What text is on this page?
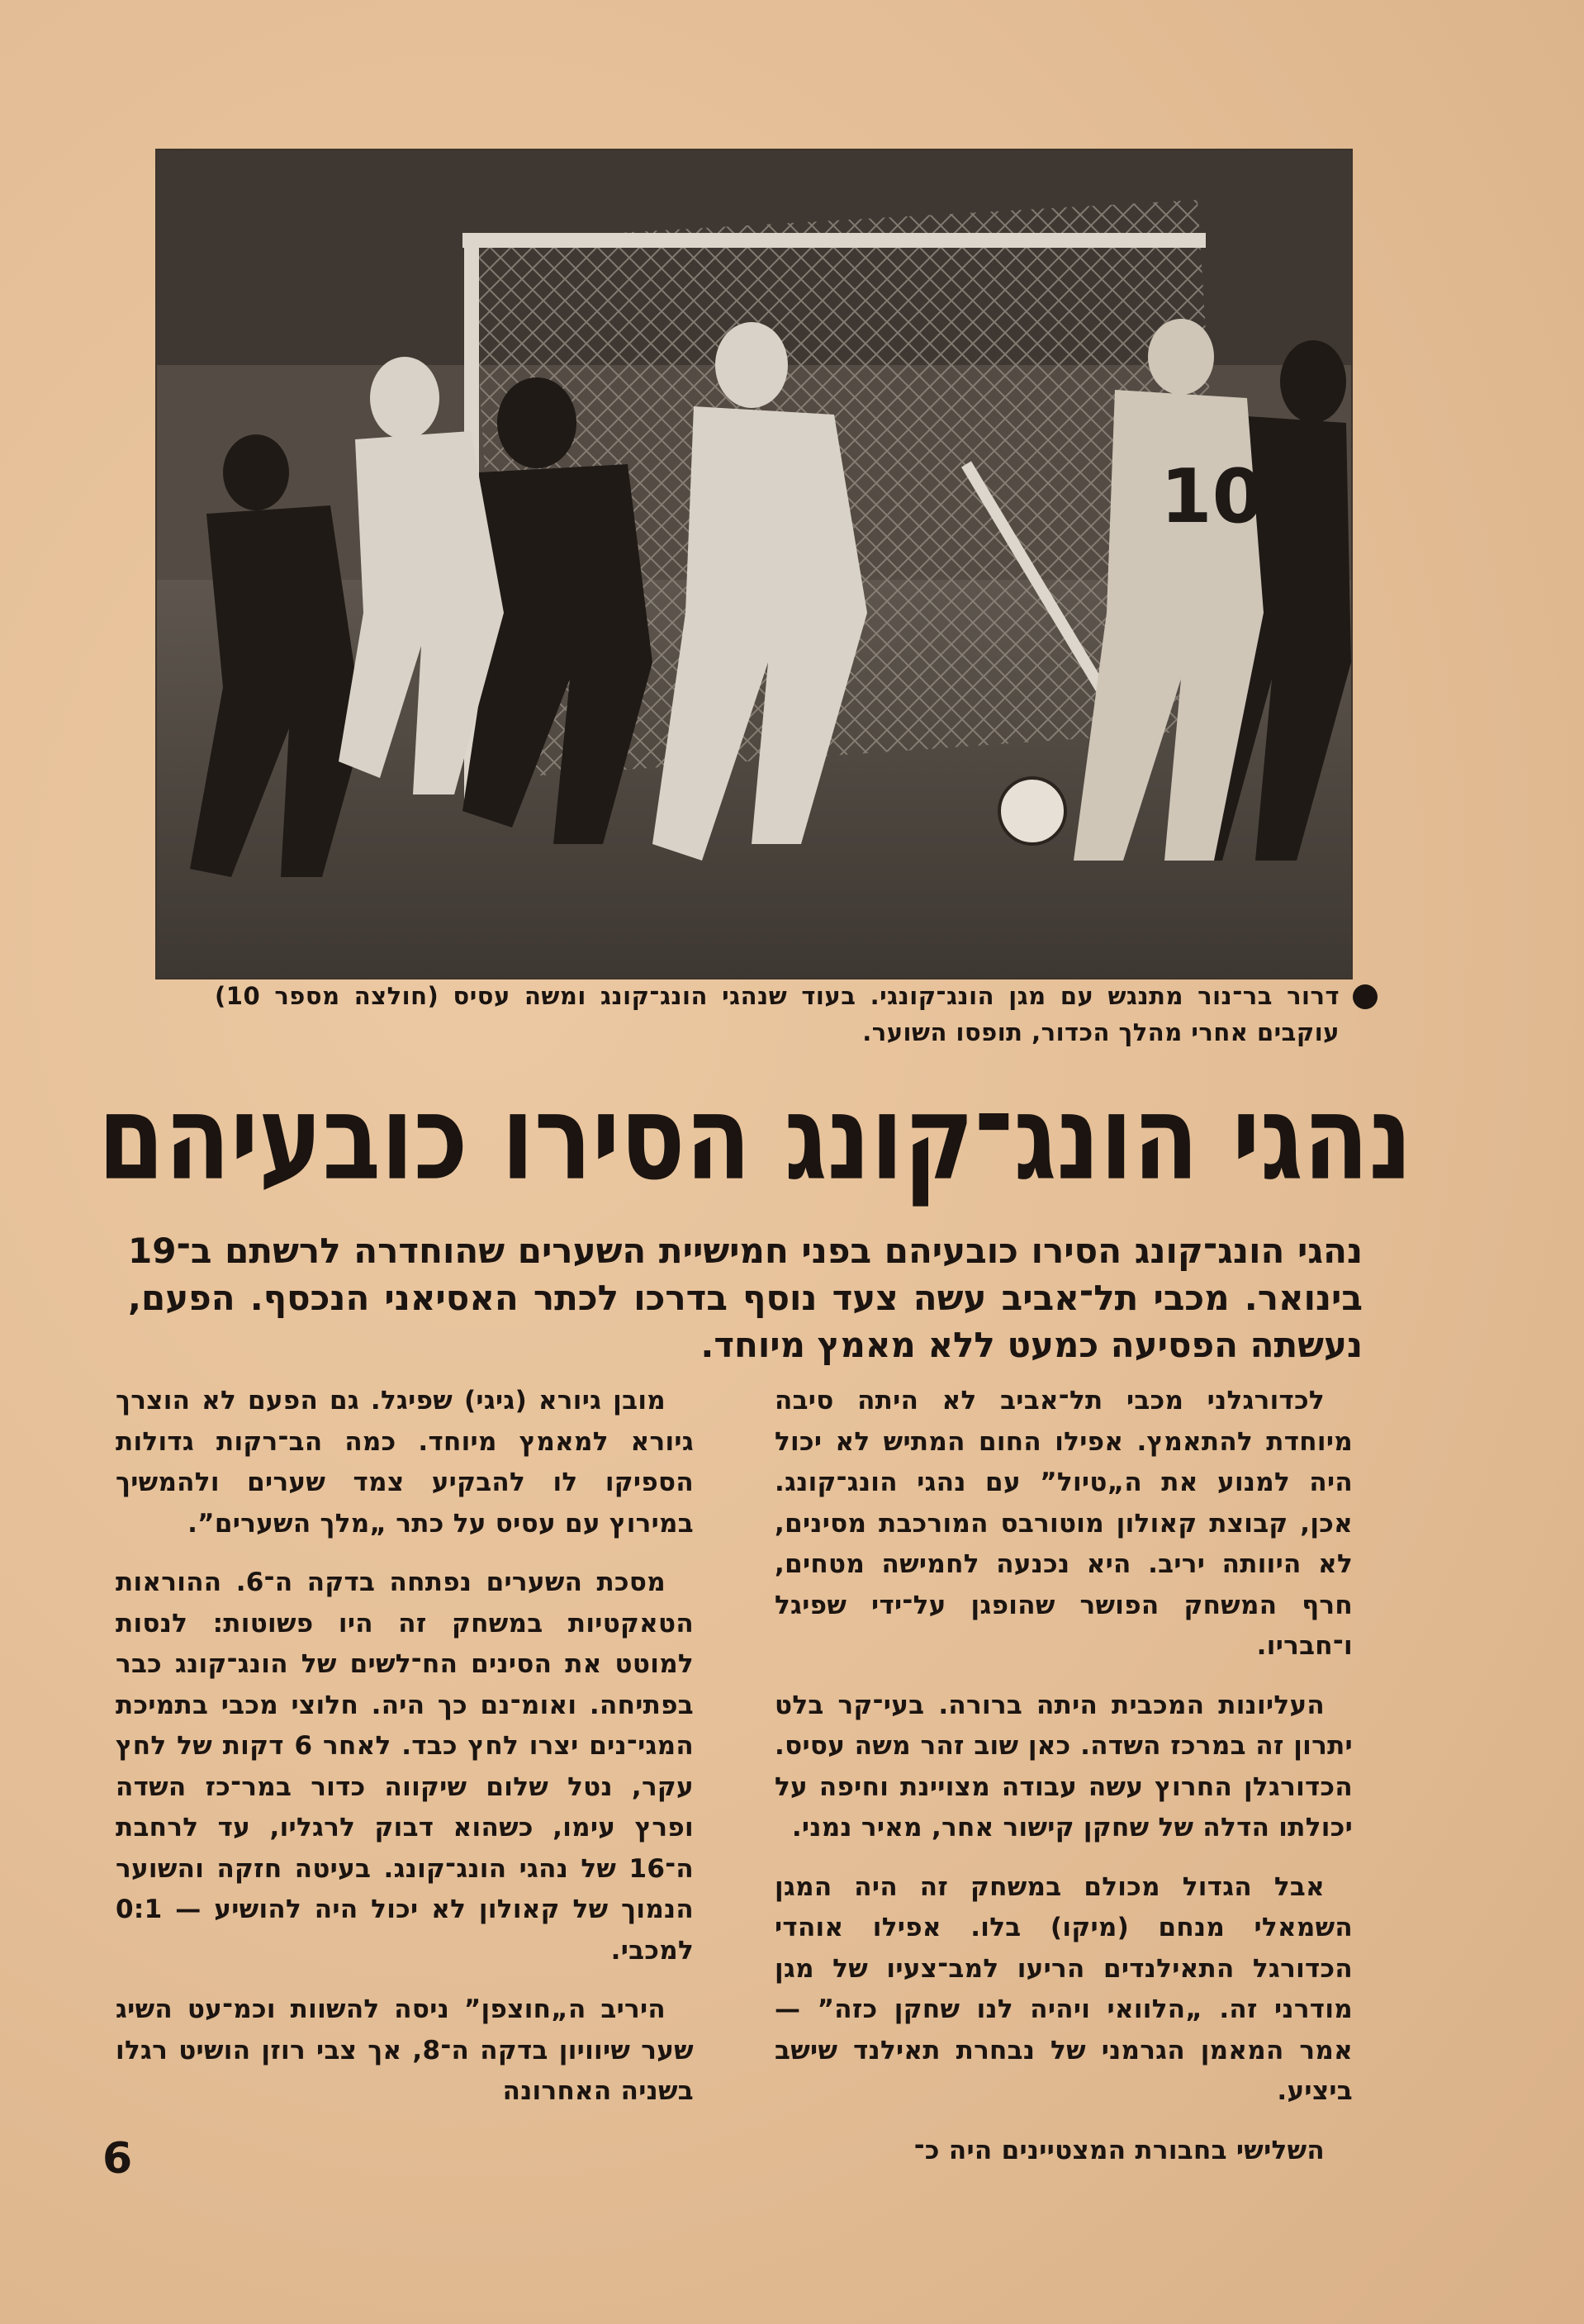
10
דרור בר־נור מתנגש עם מגן הונג־קונגי. בעוד שנהגי הונג־קונג ומשה עסיס (חולצה מספר 10) עוקבים אחרי מהלך הכדור, תופסו השוער.
נהגי הונג־קונג הסירו כובעיהם
נהגי הונג־קונג הסירו כובעיהם בפני חמישיית השערים שהוחדרה לרשתם ב־19 בינואר. מכבי תל־אביב עשה צעד נוסף בדרכו לכתר האסיאני הנכסף. הפעם, נעשתה הפסיעה כמעט ללא מאמץ מיוחד.

לכדורגלני מכבי תל־אביב לא היתה סיבה מיוחדת להתאמץ. אפילו החום המתיש לא יכול היה למנוע את ה„טיול” עם נהגי הונג־קונג. אכן, קבוצת קאולון מוטורבס המורכבת מסינים, לא היוותה יריב. היא נכנעה לחמישה מטחים, חרף המשחק הפושר שהופגן על־ידי שפיגל ו־חבריו.

העליונות המכבית היתה ברורה. בעי־קר בלט יתרון זה במרכז השדה. כאן שוב זהר משה עסיס. הכדורגלן החרוץ עשה עבודה מצויינת וחיפה על יכולתו הדלה של שחקן קישור אחר, מאיר נמני.

אבל הגדול מכולם במשחק זה היה המגן השמאלי מנחם (מיקו) בלו. אפילו אוהדי הכדורגל התאילנדים הריעו למב־צעיו של מגן מודרני זה. „הלוואי ויהיה לנו שחקן כזה” — אמר המאמן הגרמני של נבחרת תאילנד שישב ביציע.

השלישי בחבורת המצטיינים היה כ־

מובן גיורא (גיגי) שפיגל. גם הפעם לא הוצרך גיורא למאמץ מיוחד. כמה הב־רקות גדולות הספיקו לו להבקיע צמד שערים ולהמשיך במירוץ עם עסיס על כתר „מלך השערים”.

מסכת השערים נפתחה בדקה ה־6. ההוראות הטאקטיות במשחק זה היו פשוטות: לנסות למוטט את הסינים הח־לשים של הונג־קונג כבר בפתיחה. ואומ־נם כך היה. חלוצי מכבי בתמיכת המגי־נים יצרו לחץ כבד. לאחר 6 דקות של לחץ עקר, נטל שלום שיקווה כדור במר־כז השדה ופרץ עימו, כשהוא דבוק לרגליו, עד לרחבת ה־16 של נהגי הונג־קונג. בעיטה חזקה והשוער הנמוך של קאולון לא יכול היה להושיע — 0:1 למכבי.

היריב ה„חוצפן” ניסה להשוות וכמ־עט השיג שער שיוויון בדקה ה־8, אך צבי רוזן הושיט רגלו בשניה האחרונה

6
